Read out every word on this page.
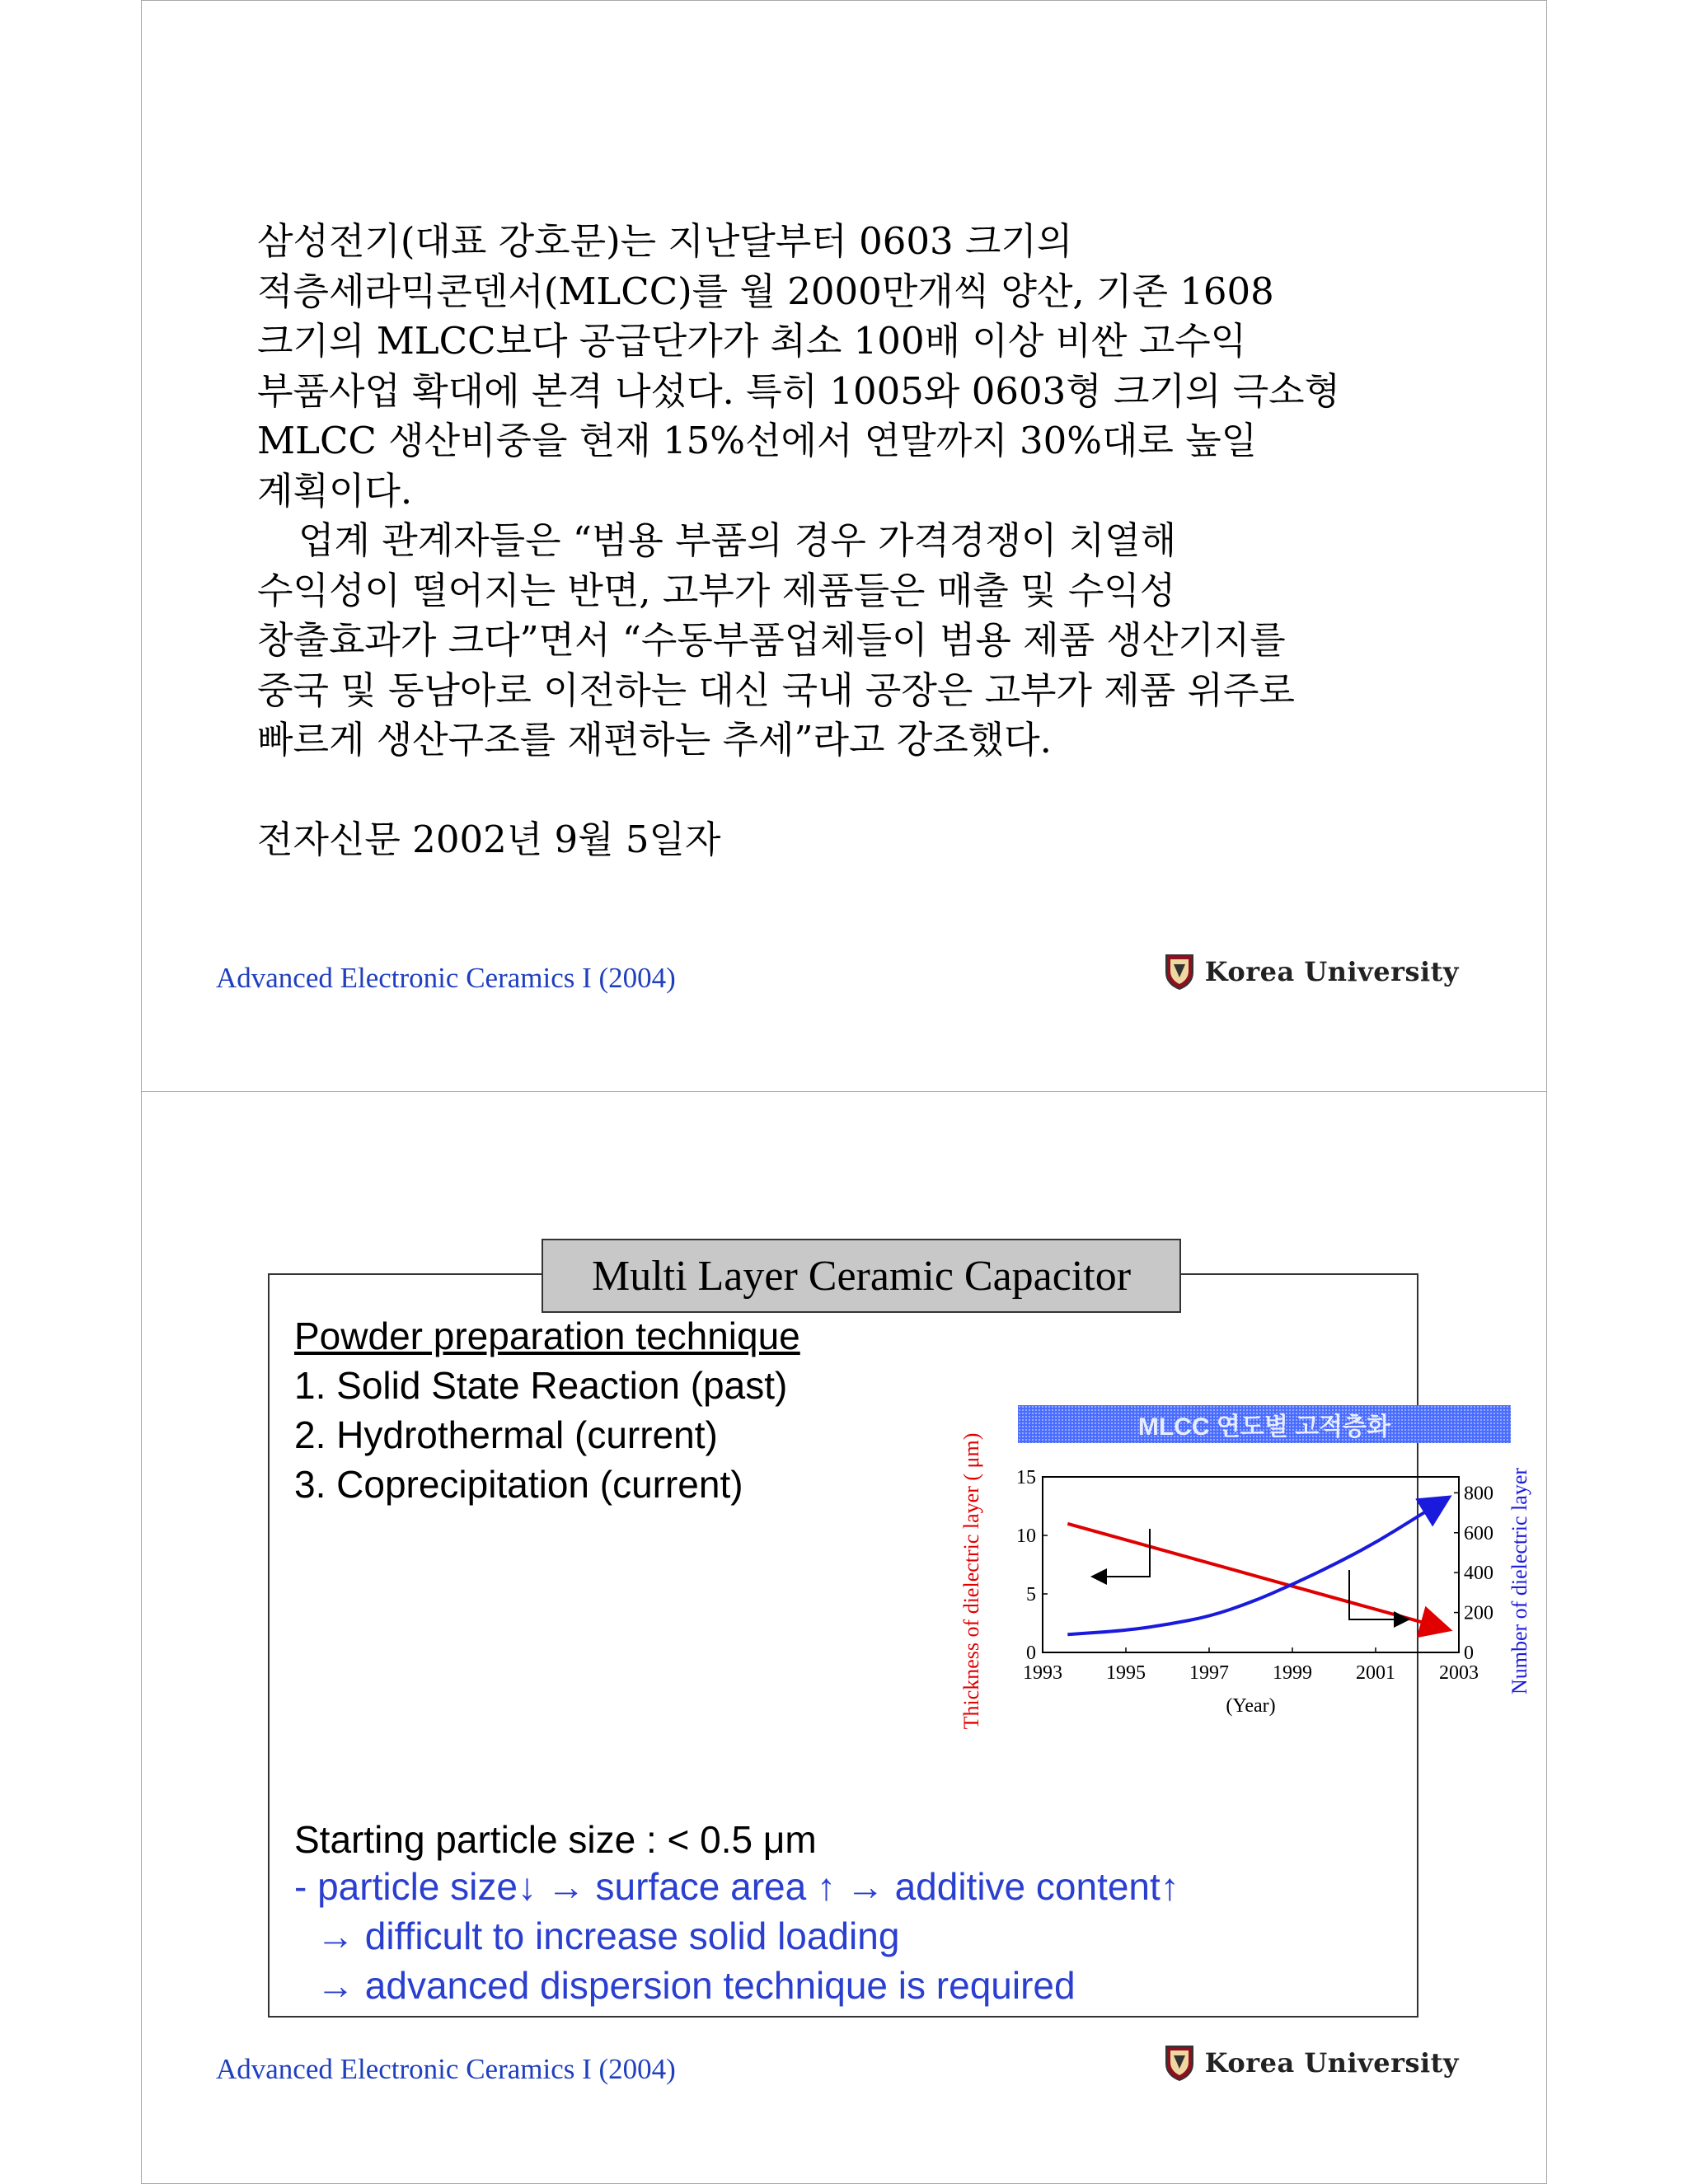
삼성전기(대표 강호문)는 지난달부터 0603 크기의

적층세라믹콘덴서(MLCC)를 월 2000만개씩 양산, 기존 1608

크기의 MLCC보다 공급단가가 최소 100배 이상 비싼 고수익

부품사업 확대에 본격 나섰다. 특히 1005와 0603형 크기의 극소형

MLCC 생산비중을 현재 15%선에서 연말까지 30%대로 높일

계획이다.

업계 관계자들은 “범용 부품의 경우 가격경쟁이 치열해

수익성이 떨어지는 반면, 고부가 제품들은 매출 및 수익성

창출효과가 크다”면서 “수동부품업체들이 범용 제품 생산기지를

중국 및 동남아로 이전하는 대신 국내 공장은 고부가 제품 위주로

빠르게 생산구조를 재편하는 추세”라고 강조했다.

전자신문 2002년 9월 5일자

Advanced Electronic Ceramics I (2004)	Korea University
Multi Layer Ceramic Capacitor
Powder preparation technique
1. Solid State Reaction (past)
2. Hydrothermal (current)
3. Coprecipitation (current)
MLCC 연도별 고적층화
1993 1995 1997 1999 2001 2003
(Year)
0
5
10
15
0
200
400
600
800
Thickness of dielectric layer ( μm)	Number of dielectric layer
Starting particle size : < 0.5 μm
- particle size↓ → surface area ↑ → additive content↑
→ difficult to increase solid loading
→ advanced dispersion technique is required
Advanced Electronic Ceramics I (2004)	Korea University
